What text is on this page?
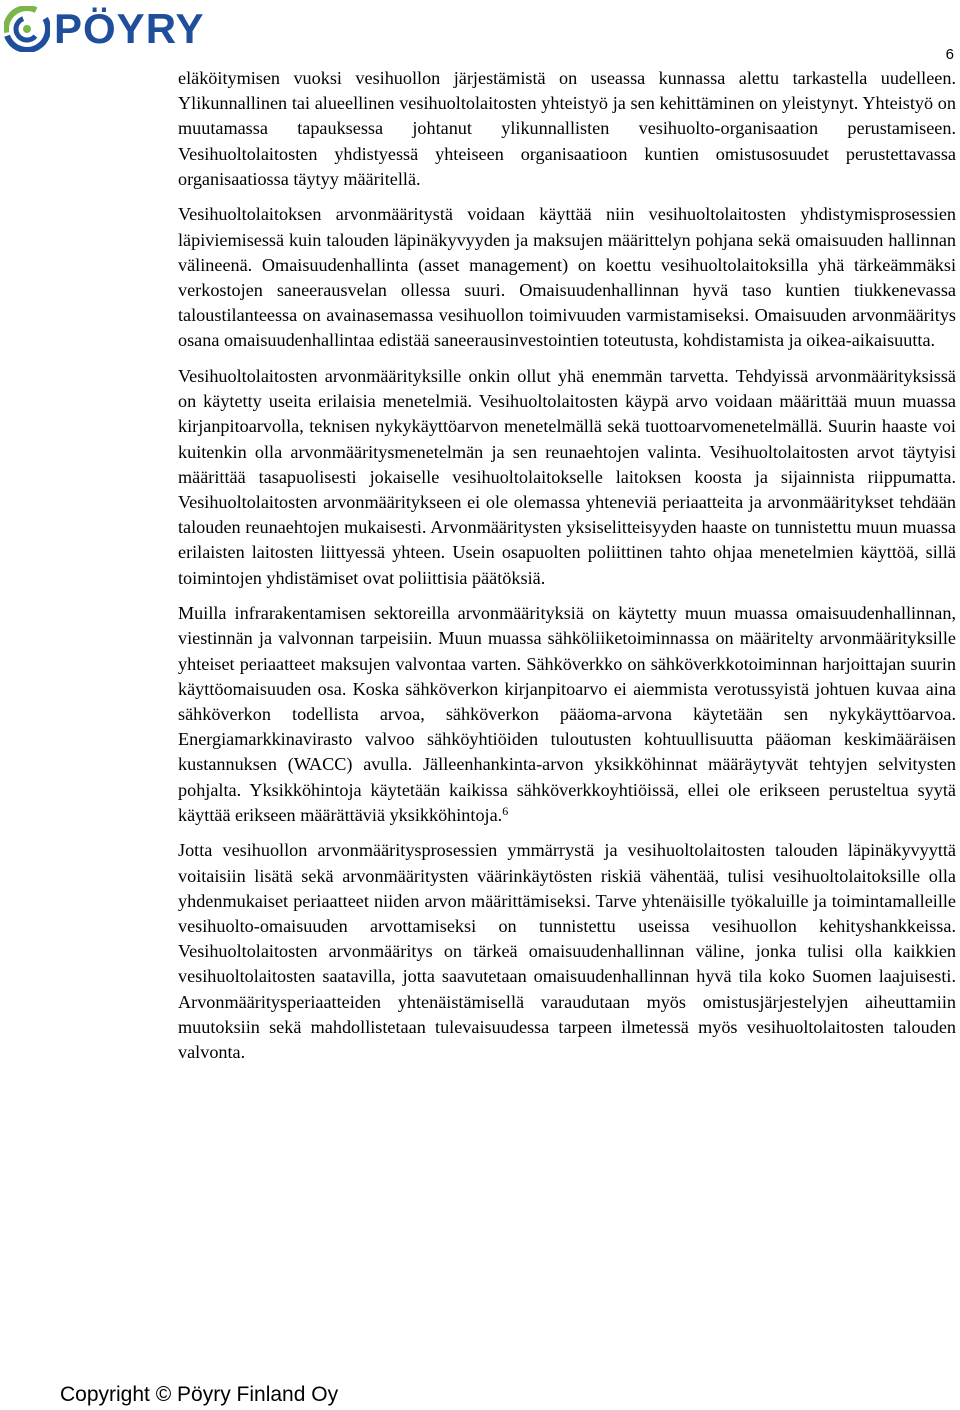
PÖYRY
6

eläköitymisen vuoksi vesihuollon järjestämistä on useassa kunnassa alettu tarkastella uudelleen. Ylikunnallinen tai alueellinen vesihuoltolaitosten yhteistyö ja sen kehittäminen on yleistynyt. Yhteistyö on muutamassa tapauksessa johtanut ylikunnallisten vesihuolto-organisaation perustamiseen. Vesihuoltolaitosten yhdistyessä yhteiseen organisaatioon kuntien omistusosuudet perustettavassa organisaatiossa täytyy määritellä.

Vesihuoltolaitoksen arvonmääritystä voidaan käyttää niin vesihuoltolaitosten yhdistymisprosessien läpiviemisessä kuin talouden läpinäkyvyyden ja maksujen määrittelyn pohjana sekä omaisuuden hallinnan välineenä. Omaisuudenhallinta (asset management) on koettu vesihuoltolaitoksilla yhä tärkeämmäksi verkostojen saneerausvelan ollessa suuri. Omaisuudenhallinnan hyvä taso kuntien tiukkenevassa taloustilanteessa on avainasemassa vesihuollon toimivuuden varmistamiseksi. Omaisuuden arvonmääritys osana omaisuudenhallintaa edistää saneerausinvestointien toteutusta, kohdistamista ja oikea-aikaisuutta.

Vesihuoltolaitosten arvonmäärityksille onkin ollut yhä enemmän tarvetta. Tehdyissä arvonmäärityksissä on käytetty useita erilaisia menetelmiä. Vesihuoltolaitosten käypä arvo voidaan määrittää muun muassa kirjanpitoarvolla, teknisen nykykäyttöarvon menetelmällä sekä tuottoarvomenetelmällä. Suurin haaste voi kuitenkin olla arvonmääritysmenetelmän ja sen reunaehtojen valinta. Vesihuoltolaitosten arvot täytyisi määrittää tasapuolisesti jokaiselle vesihuoltolaitokselle laitoksen koosta ja sijainnista riippumatta. Vesihuoltolaitosten arvonmääritykseen ei ole olemassa yhteneviä periaatteita ja arvonmääritykset tehdään talouden reunaehtojen mukaisesti. Arvonmääritysten yksiselitteisyyden haaste on tunnistettu muun muassa erilaisten laitosten liittyessä yhteen. Usein osapuolten poliittinen tahto ohjaa menetelmien käyttöä, sillä toimintojen yhdistämiset ovat poliittisia päätöksiä.

Muilla infrarakentamisen sektoreilla arvonmäärityksiä on käytetty muun muassa omaisuudenhallinnan, viestinnän ja valvonnan tarpeisiin. Muun muassa sähköliiketoiminnassa on määritelty arvonmäärityksille yhteiset periaatteet maksujen valvontaa varten. Sähköverkko on sähköverkkotoiminnan harjoittajan suurin käyttöomaisuuden osa. Koska sähköverkon kirjanpitoarvo ei aiemmista verotussyistä johtuen kuvaa aina sähköverkon todellista arvoa, sähköverkon pääoma-arvona käytetään sen nykykäyttöarvoa. Energiamarkkinavirasto valvoo sähköyhtiöiden tuloutusten kohtuullisuutta pääoman keskimääräisen kustannuksen (WACC) avulla. Jälleenhankinta-arvon yksikköhinnat määräytyvät tehtyjen selvitysten pohjalta. Yksikköhintoja käytetään kaikissa sähköverkkoyhtiöissä, ellei ole erikseen perusteltua syytä käyttää erikseen määrättäviä yksikköhintoja.$^6$

Jotta vesihuollon arvonmääritysprosessien ymmärrystä ja vesihuoltolaitosten talouden läpinäkyvyyttä voitaisiin lisätä sekä arvonmääritysten väärinkäytösten riskiä vähentää, tulisi vesihuoltolaitoksille olla yhdenmukaiset periaatteet niiden arvon määrittämiseksi. Tarve yhtenäisille työkaluille ja toimintamalleille vesihuolto-omaisuuden arvottamiseksi on tunnistettu useissa vesihuollon kehityshankkeissa. Vesihuoltolaitosten arvonmääritys on tärkeä omaisuudenhallinnan väline, jonka tulisi olla kaikkien vesihuoltolaitosten saatavilla, jotta saavutetaan omaisuudenhallinnan hyvä tila koko Suomen laajuisesti. Arvonmääritysperiaatteiden yhtenäistämisellä varaudutaan myös omistusjärjestelyjen aiheuttamiin muutoksiin sekä mahdollistetaan tulevaisuudessa tarpeen ilmetessä myös vesihuoltolaitosten talouden valvonta.

Copyright © Pöyry Finland Oy
